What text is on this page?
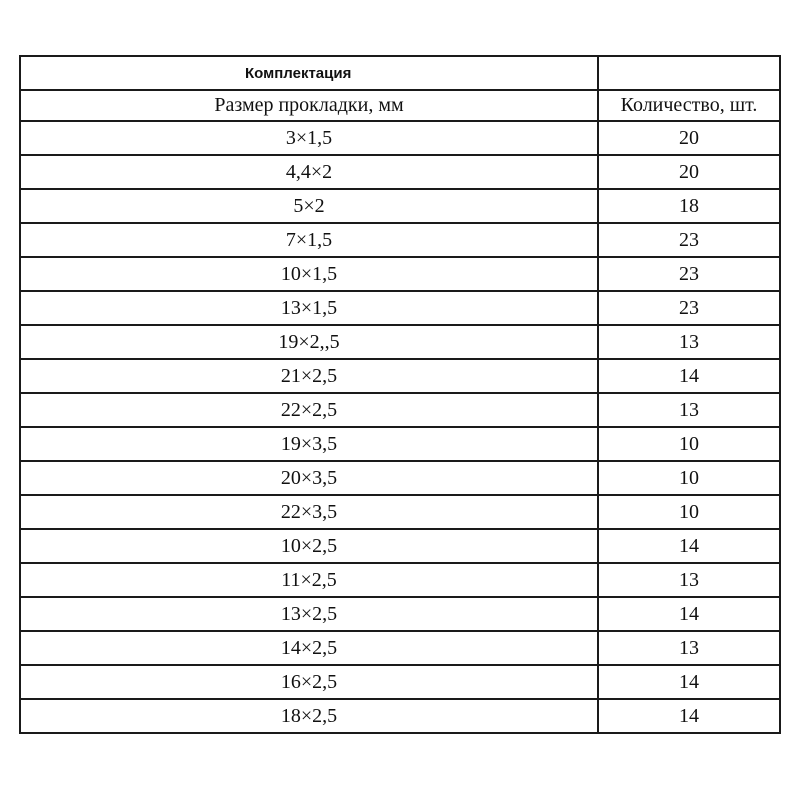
Комплектация	
Размер прокладки, мм	Количество, шт.
3×1,5	20
4,4×2	20
5×2	18
7×1,5	23
10×1,5	23
13×1,5	23
19×2,,5	13
21×2,5	14
22×2,5	13
19×3,5	10
20×3,5	10
22×3,5	10
10×2,5	14
11×2,5	13
13×2,5	14
14×2,5	13
16×2,5	14
18×2,5	14
